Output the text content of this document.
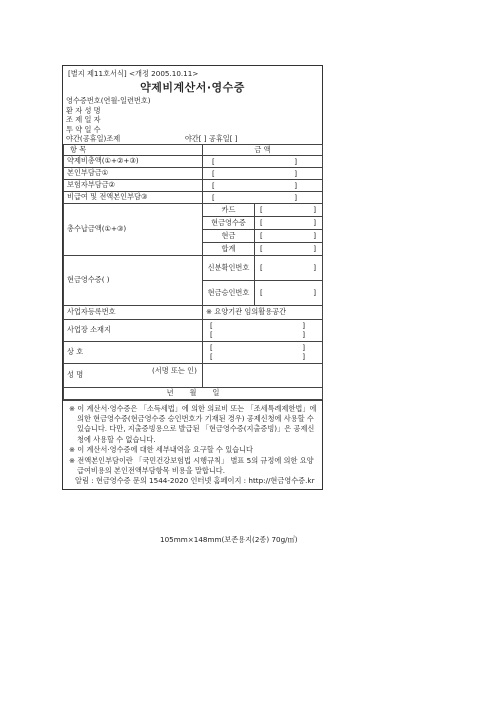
[별지 제11호서식] <개정 2005.10.11>
약제비계산서·영수증
영수증번호(연월-일련번호)
환 자 성 명
조 제 일 자
투 약 일 수
야간(공휴일)조제	야간[ ] 공휴일[ ]
항 목	금 액	
약제비총액(①+②+③)	[ ]	

본인부담금①	[ ]	

보험자부담금②	[ ]	

비급여 및 전액본인부담③	[ ]	

총수납금액(①+③)	카드	[ ]

	현금영수증	[ ]

	현금	[ ]

	합계	[ ]

현금영수증( )	신분확인번호	[ ]

	현금승인번호	[ ]

사업자등록번호	※ 요양기관 임의활용공간	
사업장 소재지	[ ]
[ ]	

상 호	[ ]
[ ]	

성 명 (서명 또는 인)		

년       월       일		
※ 이 계산서·영수증은 「소득세법」에 의한 의료비 또는 「조세특례제한법」에 의한 현금영수증(현금영수증 승인번호가 기재된 경우) 공제신청에 사용할 수 있습니다. 다만, 지출증빙용으로 발급된 「현금영수증(지출증빙)」은 공제신청에 사용할 수 없습니다.
※ 이 계산서·영수증에 대한 세부내역을 요구할 수 있습니다
※ 전액본인부담이란 「국민건강보험법 시행규칙」 별표 5의 규정에 의한 요양급여비용의 본인전액부담항목 비용을 말합니다.
알림 : 현금영수증 문의 1544-2020 인터넷 홈페이지 : http://현금영수증.kr
105mm×148mm(보존용지(2종) 70g/㎡)
